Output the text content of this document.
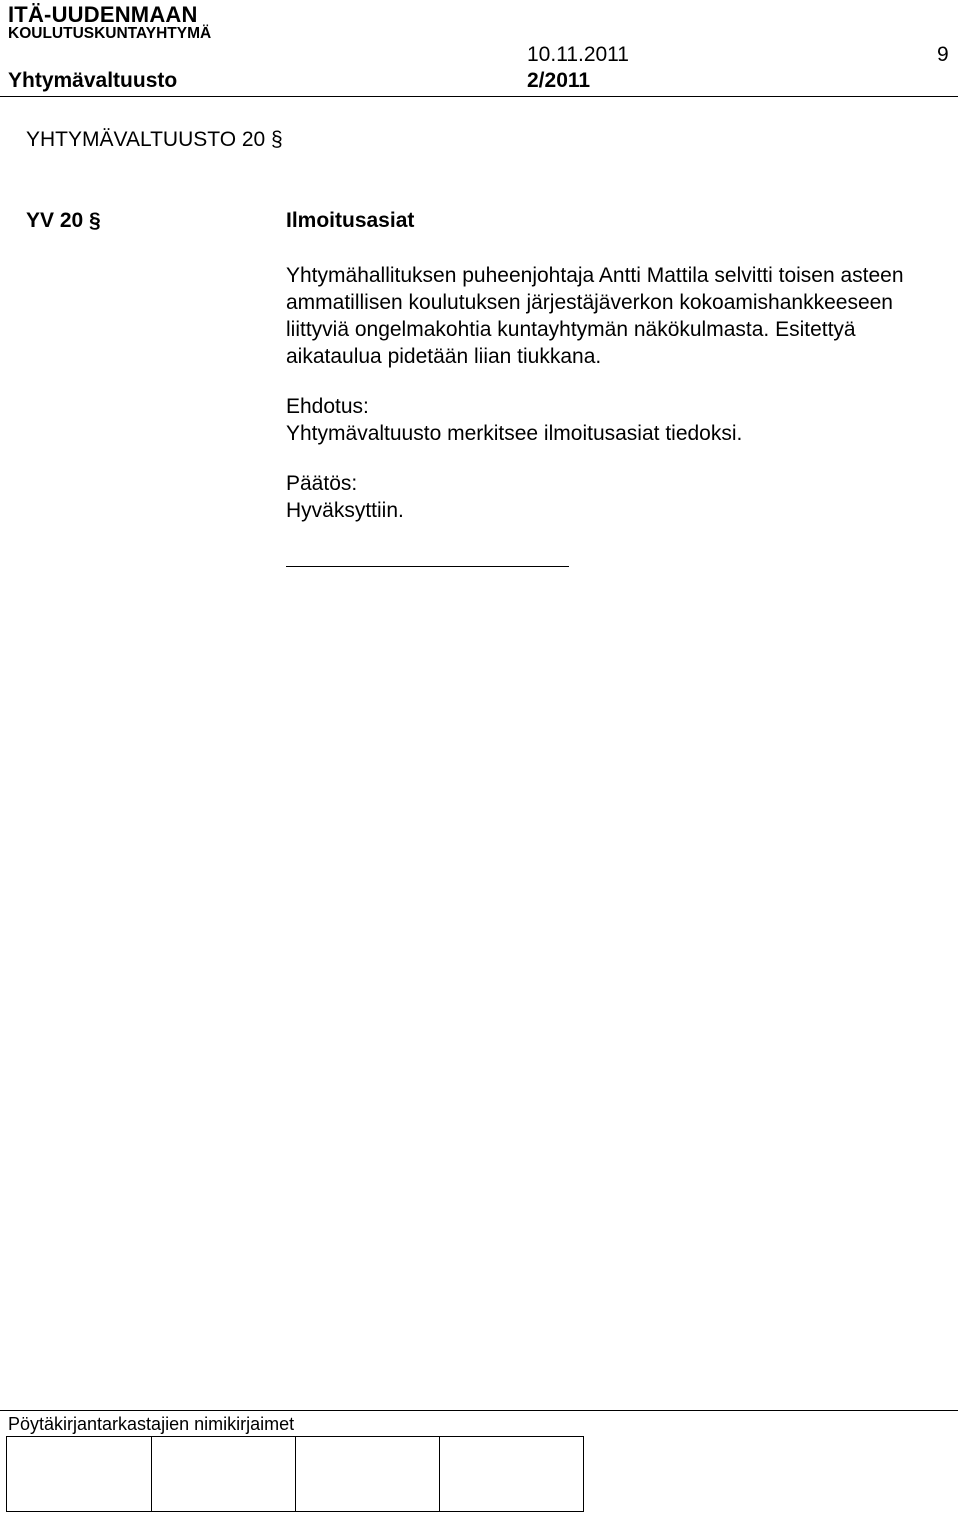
ITÄ-UUDENMAAN
KOULUTUSKUNTAYHTYMÄ
10.11.2011	9
Yhtymävaltuusto	2/2011
YHTYMÄVALTUUSTO 20 §
YV 20 §	Ilmoitusasiat

Yhtymähallituksen puheenjohtaja Antti Mattila selvitti toisen asteen ammatillisen koulutuksen järjestäjäverkon kokoamishankkeeseen liittyviä ongelmakohtia kuntayhtymän näkökulmasta. Esitettyä aikataulua pidetään liian tiukkana.

Ehdotus:

Yhtymävaltuusto merkitsee ilmoitusasiat tiedoksi.

Päätös:

Hyväksyttiin.

Pöytäkirjantarkastajien nimikirjaimet
